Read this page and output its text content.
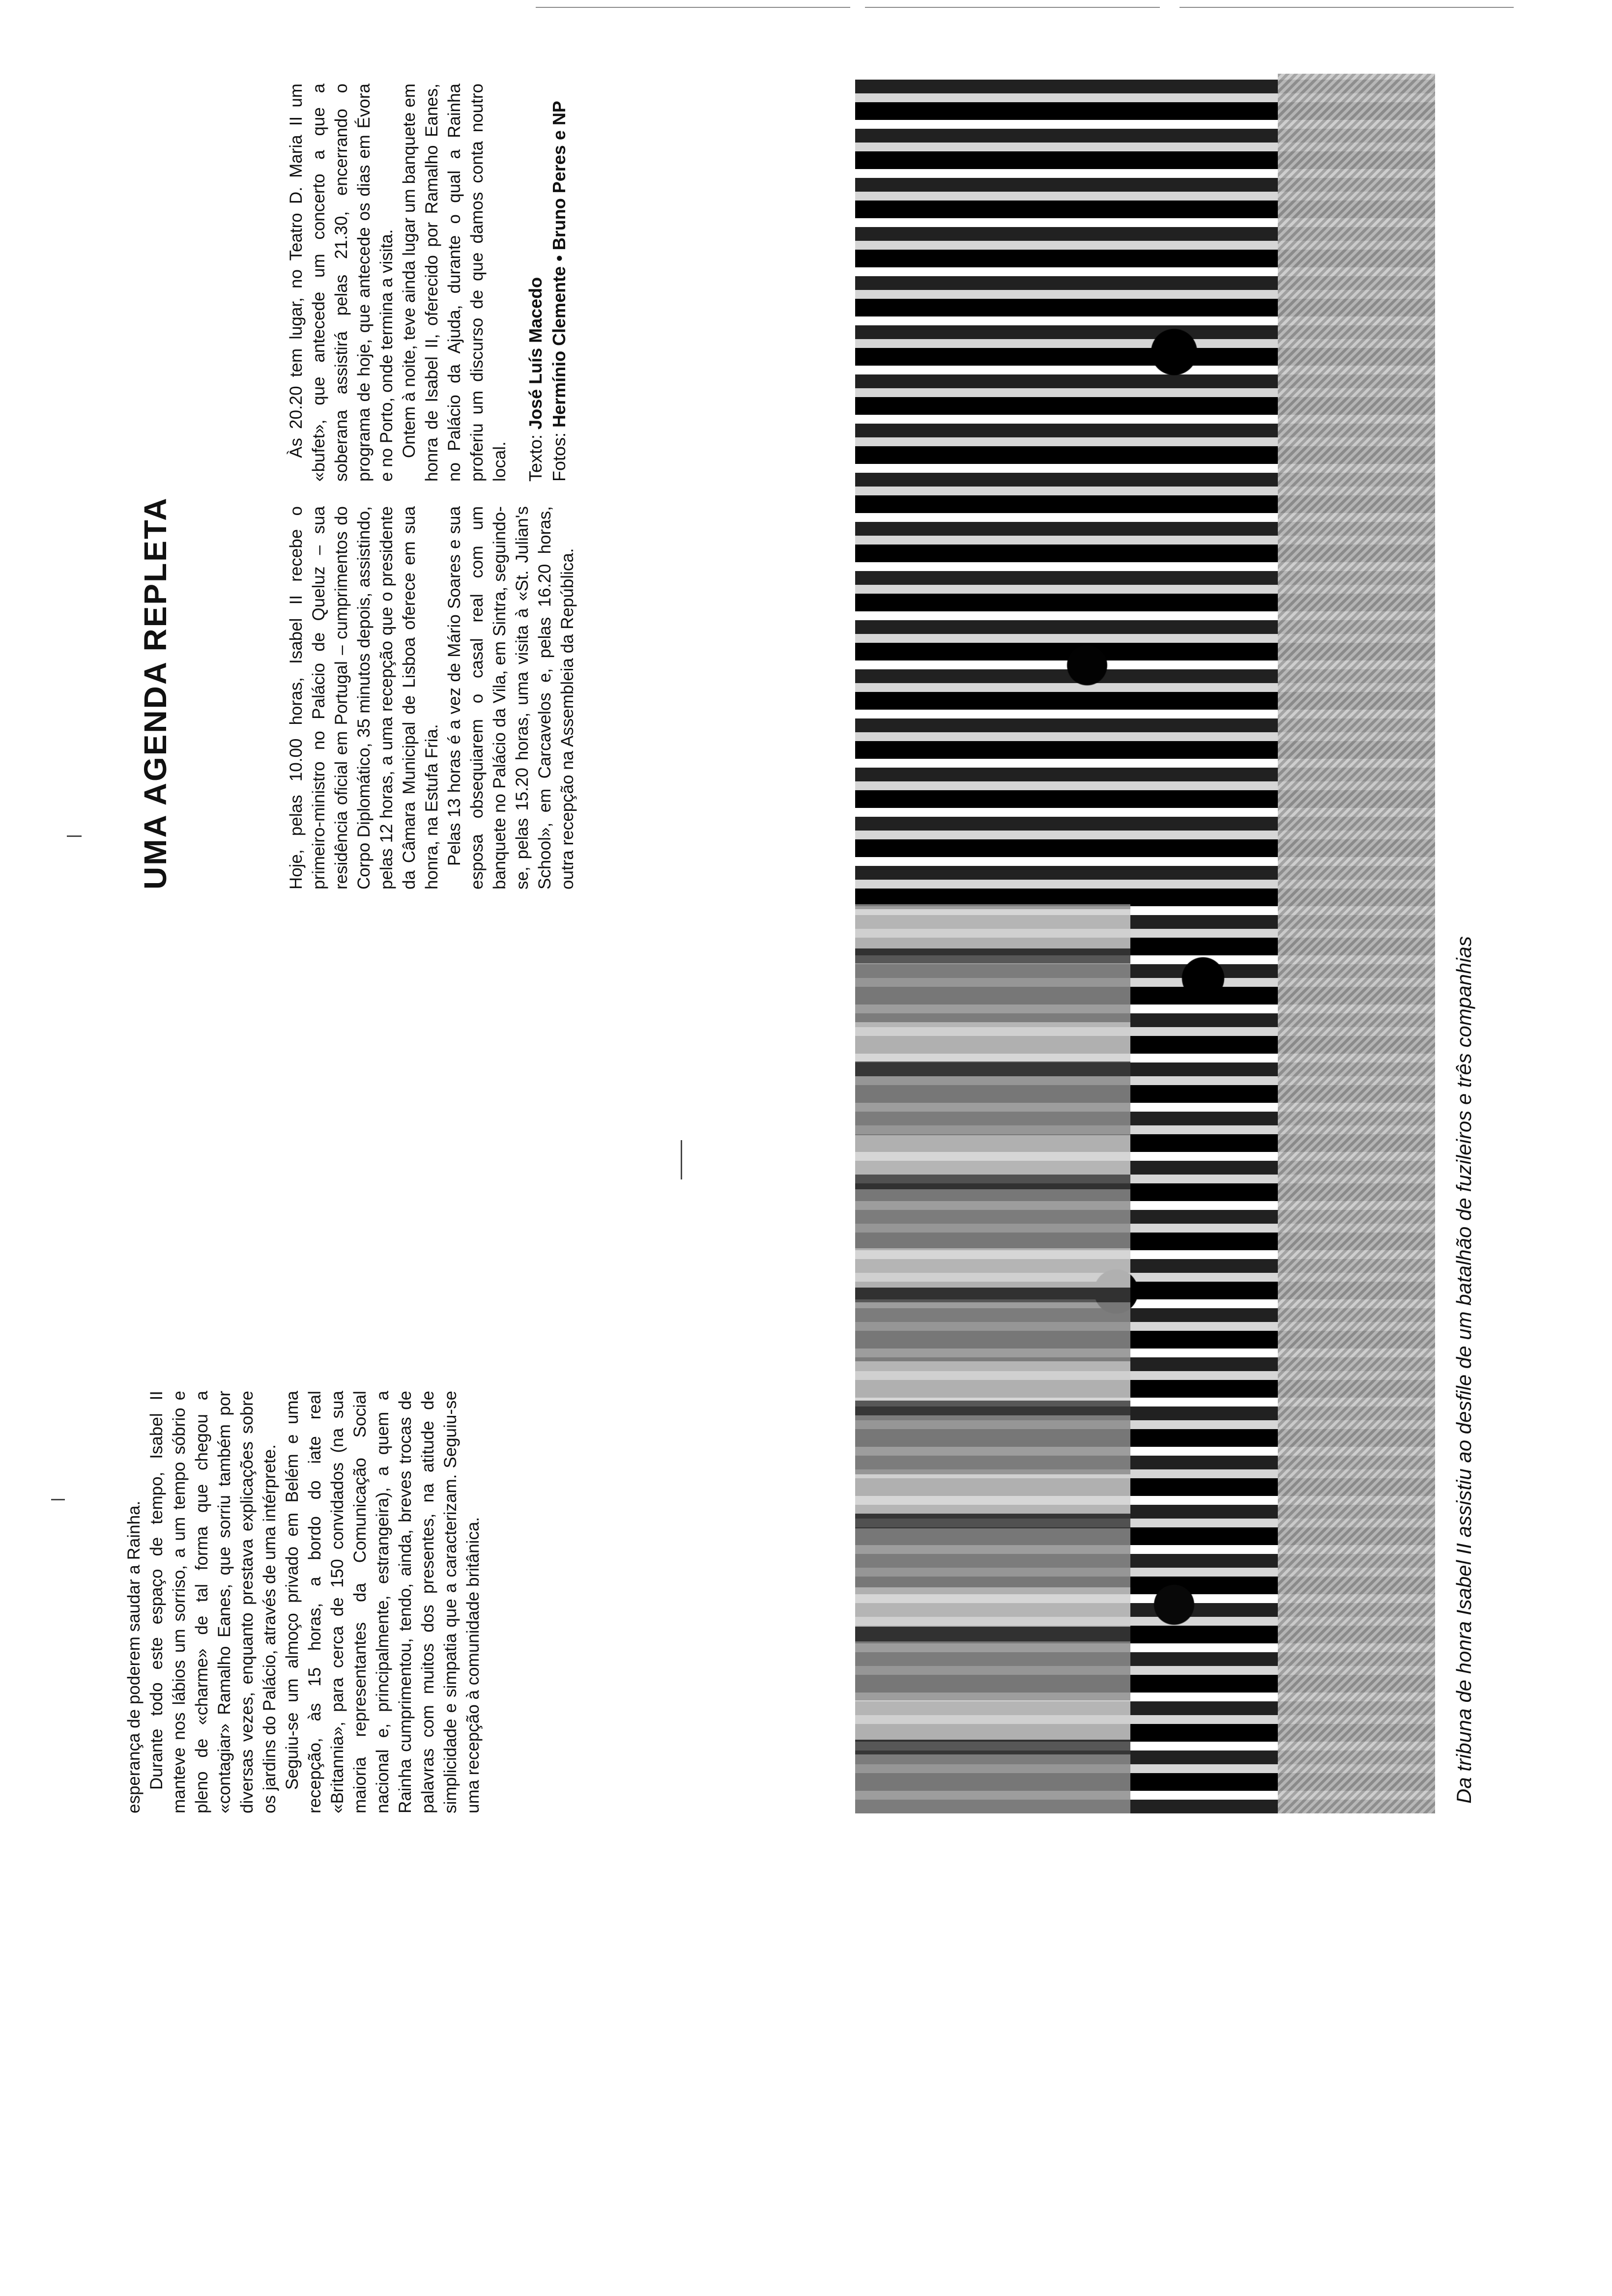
esperança de poderem saudar a Rainha. Durante todo este espaço de tempo, Isabel II manteve nos lábios um sorriso, a um tempo sóbrio e pleno de «charme» de tal forma que chegou a «contagiar» Ramalho Eanes, que sorriu também por diversas vezes, enquanto prestava explicações sobre os jardins do Palácio, através de uma intérprete. Seguiu-se um almoço privado em Belém e uma recepção, às 15 horas, a bordo do iate real «Britannia», para cerca de 150 convidados (na sua maioria representantes da Comunicação Social nacional e, principalmente, estrangeira), a quem a Rainha cumprimentou, tendo, ainda, breves trocas de palavras com muitos dos presentes, na atitude de simplicidade e simpatia que a caracterizam. Seguiu-se uma recepção à comunidade britânica.

UMA AGENDA REPLETA	Hoje, pelas 10.00 horas, Isabel II recebe o primeiro-ministro no Palácio de Queluz – sua residência oficial em Portugal – cumprimentos do Corpo Diplomático, 35 minutos depois, assistindo, pelas 12 horas, a uma recepção que o presidente da Câmara Municipal de Lisboa oferece em sua honra, na Estufa Fria. Pelas 13 horas é a vez de Mário Soares e sua esposa obsequiarem o casal real com um banquete no Palácio da Vila, em Sintra, seguindo-se, pelas 15.20 horas, uma visita à «St. Julian's School», em Carcavelos e, pelas 16.20 horas, outra recepção na Assembleia da República.

Às 20.20 tem lugar, no Teatro D. Maria II um «bufet», que antecede um concerto a que a soberana assistirá pelas 21.30, encerrando o programa de hoje, que antecede os dias em Évora e no Porto, onde termina a visita. Ontem à noite, teve ainda lugar um banquete em honra de Isabel II, oferecido por Ramalho Eanes, no Palácio da Ajuda, durante o qual a Rainha proferiu um discurso de que damos conta noutro local. Texto: José Luís Macedo
Fotos: Hermínio Clemente • Bruno Peres e NP
Da tribuna de honra Isabel II assistiu ao desfile de um batalhão de fuzileiros e três companhias
